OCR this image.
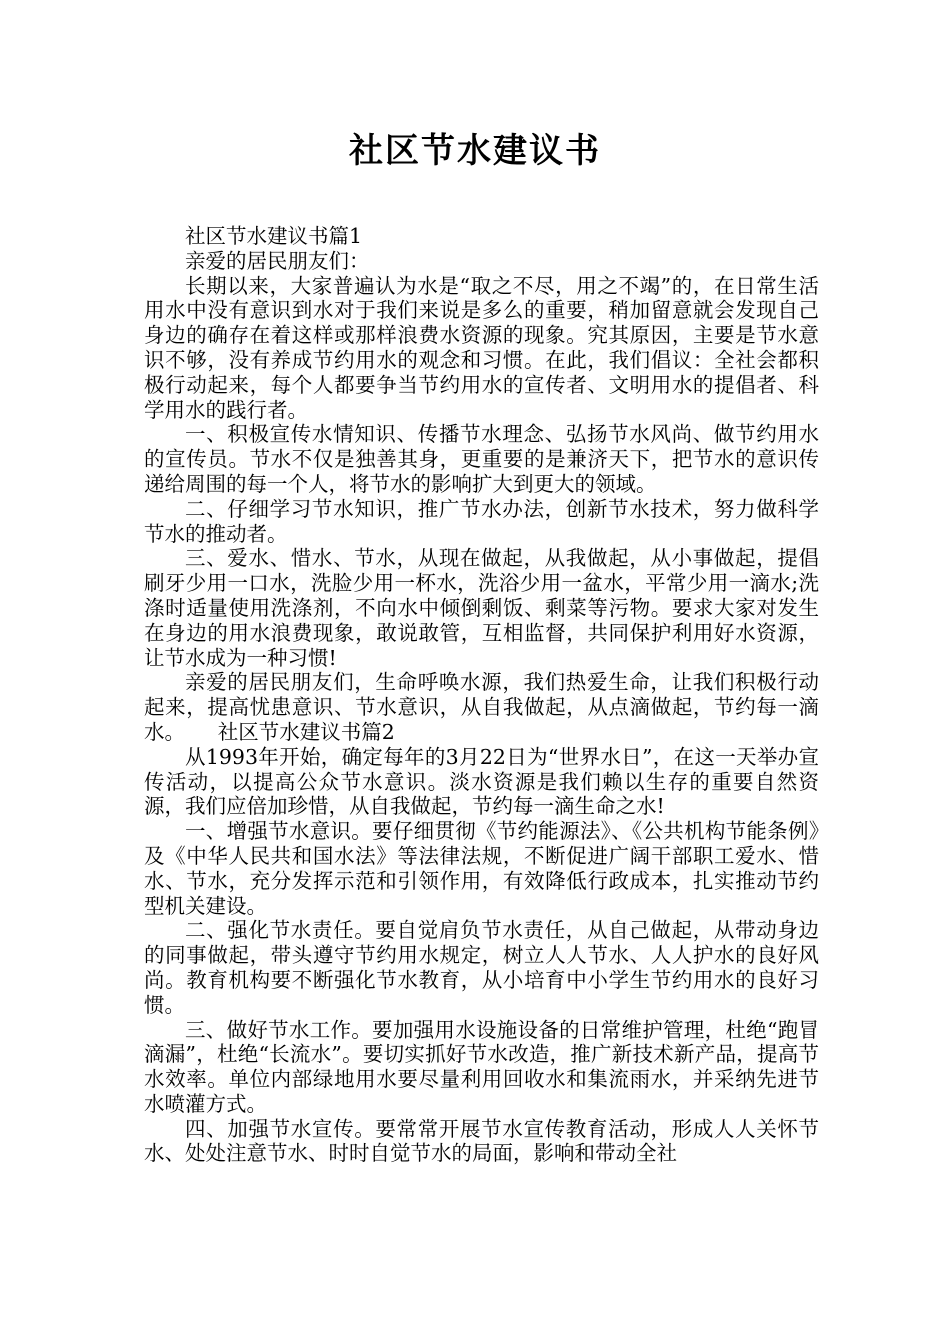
社区节水建议书

社区节水建议书篇1

亲爱的居民朋友们：

长期以来，大家普遍认为水是“取之不尽，用之不竭”的，在日常生活用水中没有意识到水对于我们来说是多么的重要，稍加留意就会发现自己身边的确存在着这样或那样浪费水资源的现象。究其原因，主要是节水意识不够，没有养成节约用水的观念和习惯。在此，我们倡议：全社会都积极行动起来，每个人都要争当节约用水的宣传者、文明用水的提倡者、科学用水的践行者。

一、积极宣传水情知识、传播节水理念、弘扬节水风尚、做节约用水的宣传员。节水不仅是独善其身，更重要的是兼济天下，把节水的意识传递给周围的每一个人，将节水的影响扩大到更大的领域。

二、仔细学习节水知识，推广节水办法，创新节水技术，努力做科学节水的推动者。

三、爱水、惜水、节水，从现在做起，从我做起，从小事做起，提倡刷牙少用一口水，洗脸少用一杯水，洗浴少用一盆水，平常少用一滴水;洗涤时适量使用洗涤剂，不向水中倾倒剩饭、剩菜等污物。要求大家对发生在身边的用水浪费现象，敢说敢管，互相监督，共同保护利用好水资源，让节水成为一种习惯!

亲爱的居民朋友们，生命呼唤水源，我们热爱生命，让我们积极行动起来，提高忧患意识、节水意识，从自我做起，从点滴做起，节约每一滴水。 社区节水建议书篇2

从1993年开始，确定每年的3月22日为“世界水日”，在这一天举办宣传活动，以提高公众节水意识。淡水资源是我们赖以生存的重要自然资源，我们应倍加珍惜，从自我做起，节约每一滴生命之水!

一、增强节水意识。要仔细贯彻《节约能源法》、《公共机构节能条例》及《中华人民共和国水法》等法律法规，不断促进广阔干部职工爱水、惜水、节水，充分发挥示范和引领作用，有效降低行政成本，扎实推动节约型机关建设。

二、强化节水责任。要自觉肩负节水责任，从自己做起，从带动身边的同事做起，带头遵守节约用水规定，树立人人节水、人人护水的良好风尚。教育机构要不断强化节水教育，从小培育中小学生节约用水的良好习惯。

三、做好节水工作。要加强用水设施设备的日常维护管理，杜绝“跑冒滴漏”，杜绝“长流水”。要切实抓好节水改造，推广新技术新产品，提高节水效率。单位内部绿地用水要尽量利用回收水和集流雨水，并采纳先进节水喷灌方式。

四、加强节水宣传。要常常开展节水宣传教育活动，形成人人关怀节水、处处注意节水、时时自觉节水的局面，影响和带动全社
